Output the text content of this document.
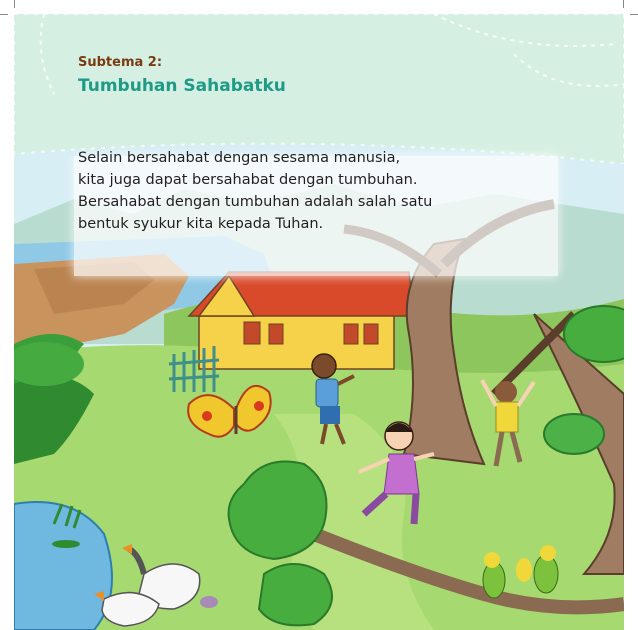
Subtema 2:
Tumbuhan Sahabatku
Selain bersahabat dengan sesama manusia,
kita juga dapat bersahabat dengan tumbuhan.
Bersahabat dengan tumbuhan adalah salah satu
bentuk syukur kita kepada Tuhan.
